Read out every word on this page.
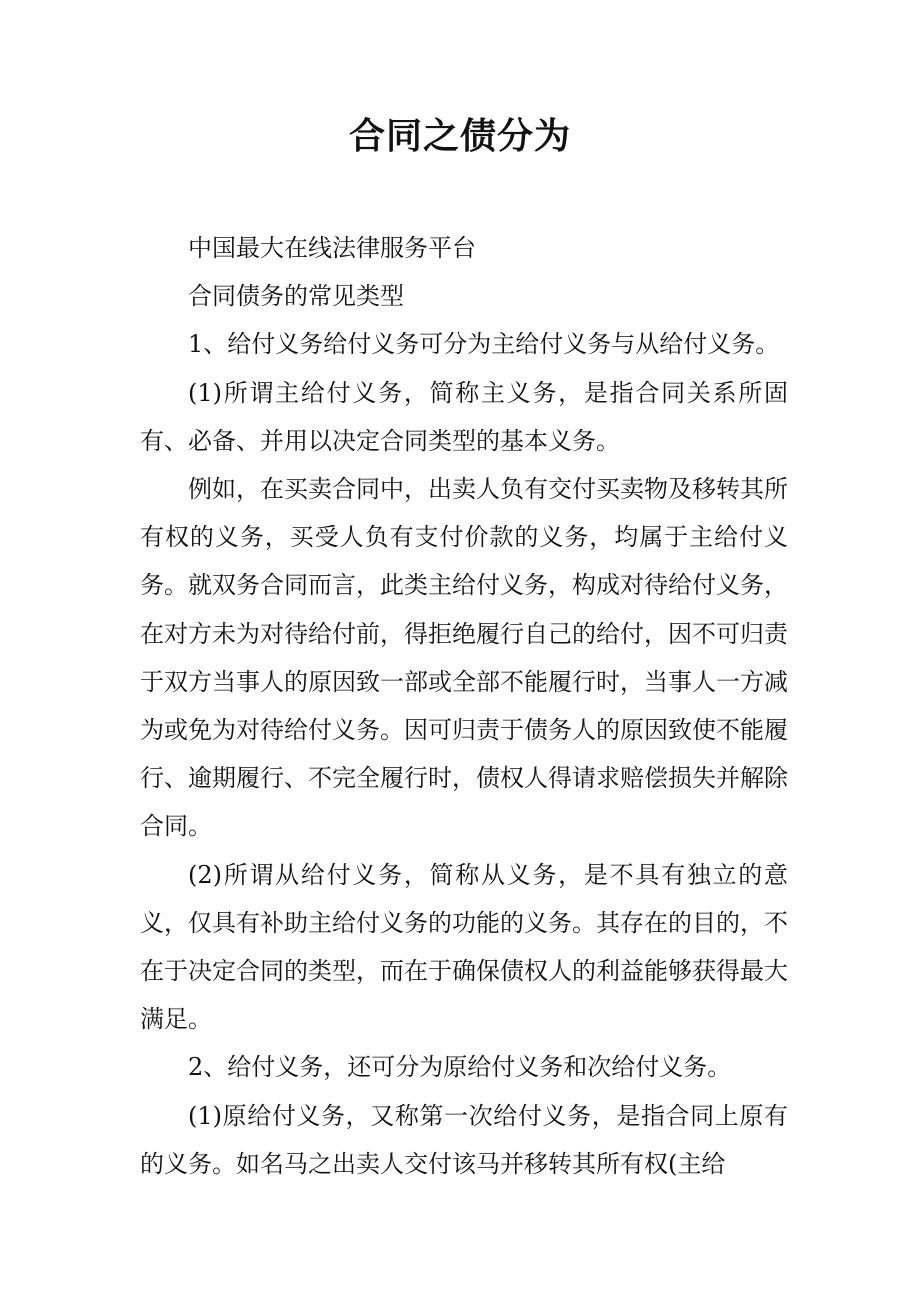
合同之债分为

中国最大在线法律服务平台

合同债务的常见类型

1、给付义务给付义务可分为主给付义务与从给付义务。

(1)所谓主给付义务，简称主义务，是指合同关系所固有、必备、并用以决定合同类型的基本义务。

例如，在买卖合同中，出卖人负有交付买卖物及移转其所有权的义务，买受人负有支付价款的义务，均属于主给付义务。就双务合同而言，此类主给付义务，构成对待给付义务，在对方未为对待给付前，得拒绝履行自己的给付，因不可归责于双方当事人的原因致一部或全部不能履行时，当事人一方减为或免为对待给付义务。因可归责于债务人的原因致使不能履行、逾期履行、不完全履行时，债权人得请求赔偿损失并解除合同。

(2)所谓从给付义务，简称从义务，是不具有独立的意义，仅具有补助主给付义务的功能的义务。其存在的目的，不在于决定合同的类型，而在于确保债权人的利益能够获得最大满足。

2、给付义务，还可分为原给付义务和次给付义务。

(1)原给付义务，又称第一次给付义务，是指合同上原有的义务。如名马之出卖人交付该马并移转其所有权(主给
